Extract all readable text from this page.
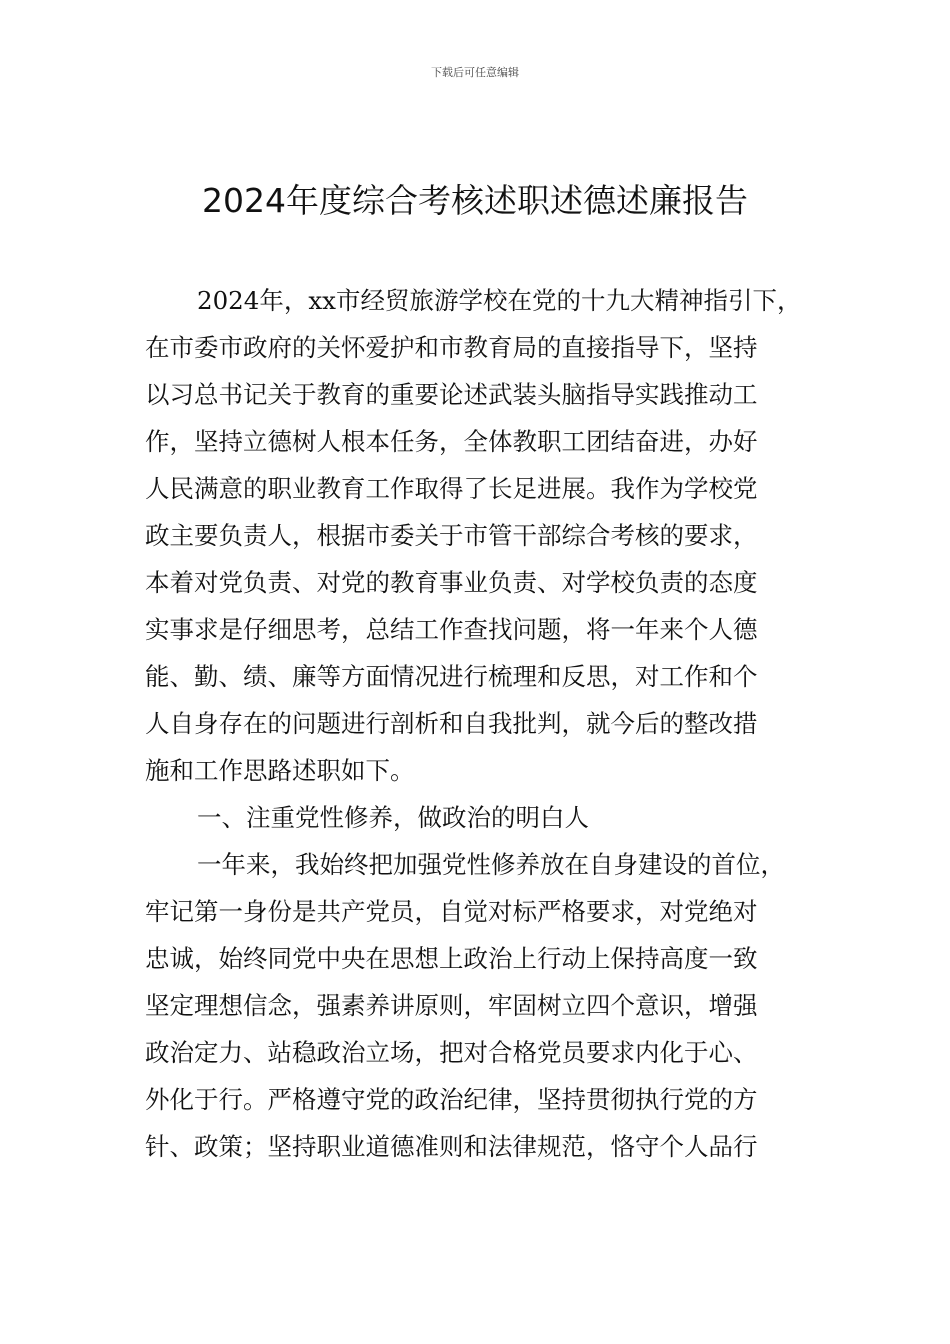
下载后可任意编辑
2024年度综合考核述职述德述廉报告
2024年，xx市经贸旅游学校在党的十九大精神指引下，
在市委市政府的关怀爱护和市教育局的直接指导下，坚持
以习总书记关于教育的重要论述武装头脑指导实践推动工
作，坚持立德树人根本任务，全体教职工团结奋进，办好
人民满意的职业教育工作取得了长足进展。我作为学校党
政主要负责人，根据市委关于市管干部综合考核的要求，
本着对党负责、对党的教育事业负责、对学校负责的态度
实事求是仔细思考，总结工作查找问题，将一年来个人德
能、勤、绩、廉等方面情况进行梳理和反思，对工作和个
人自身存在的问题进行剖析和自我批判，就今后的整改措
施和工作思路述职如下。
一、注重党性修养，做政治的明白人
一年来，我始终把加强党性修养放在自身建设的首位，
牢记第一身份是共产党员，自觉对标严格要求，对党绝对
忠诚，始终同党中央在思想上政治上行动上保持高度一致
坚定理想信念，强素养讲原则，牢固树立四个意识，增强
政治定力、站稳政治立场，把对合格党员要求内化于心、
外化于行。严格遵守党的政治纪律，坚持贯彻执行党的方
针、政策；坚持职业道德准则和法律规范，恪守个人品行
